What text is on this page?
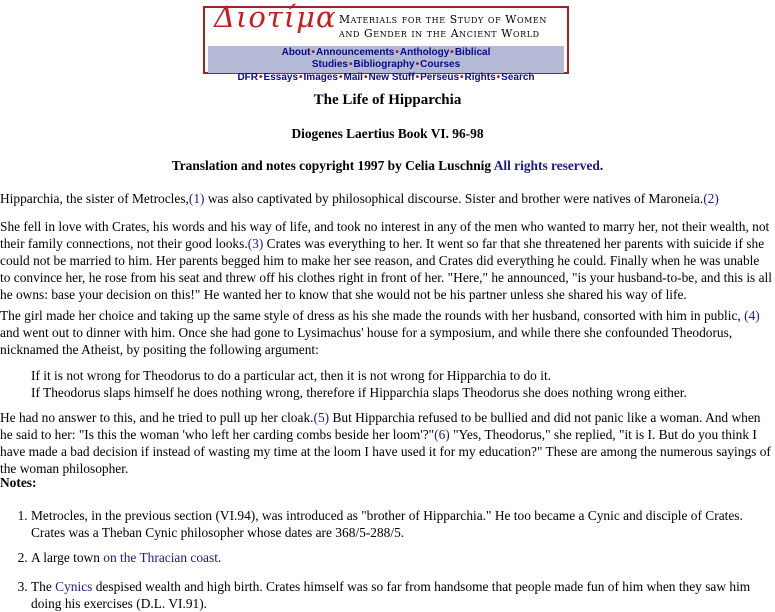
Διοτίμα Materials for the Study of Women
and Gender in the Ancient World
About•Announcements•Anthology•Biblical Studies•Bibliography•Courses
DFR•Essays•Images•Mail•New Stuff•Perseus•Rights•Search
The Life of Hipparchia
Diogenes Laertius Book VI. 96-98
Translation and notes copyright 1997 by Celia Luschnig All rights reserved.

Hipparchia, the sister of Metrocles,(1) was also captivated by philosophical discourse. Sister and brother were natives of Maroneia.(2)

She fell in love with Crates, his words and his way of life, and took no interest in any of the men who wanted to marry her, not their wealth, not their family connections, not their good looks.(3) Crates was everything to her. It went so far that she threatened her parents with suicide if she could not be married to him. Her parents begged him to make her see reason, and Crates did everything he could. Finally when he was unable to convince her, he rose from his seat and threw off his clothes right in front of her. "Here," he announced, "is your husband-to-be, and this is all he owns: base your decision on this!" He wanted her to know that she would not be his partner unless she shared his way of life.

The girl made her choice and taking up the same style of dress as his she made the rounds with her husband, consorted with him in public, (4) and went out to dinner with him. Once she had gone to Lysimachus' house for a symposium, and while there she confounded Theodorus, nicknamed the Atheist, by positing the following argument:

If it is not wrong for Theodorus to do a particular act, then it is not wrong for Hipparchia to do it.

If Theodorus slaps himself he does nothing wrong, therefore if Hipparchia slaps Theodorus she does nothing wrong either.

He had no answer to this, and he tried to pull up her cloak.(5) But Hipparchia refused to be bullied and did not panic like a woman. And when he said to her: "Is this the woman 'who left her carding combs beside her loom'?"(6) "Yes, Theodorus," she replied, "it is I. But do you think I have made a bad decision if instead of wasting my time at the loom I have used it for my education?" These are among the numerous sayings of the woman philosopher.

Notes:
1. Metrocles, in the previous section (VI.94), was introduced as "brother of Hipparchia." He too became a Cynic and disciple of Crates. Crates was a Theban Cynic philosopher whose dates are 368/5-288/5.
2. A large town on the Thracian coast.
3. The Cynics despised wealth and high birth. Crates himself was so far from handsome that people made fun of him when they saw him doing his exercises (D.L. VI.91).
